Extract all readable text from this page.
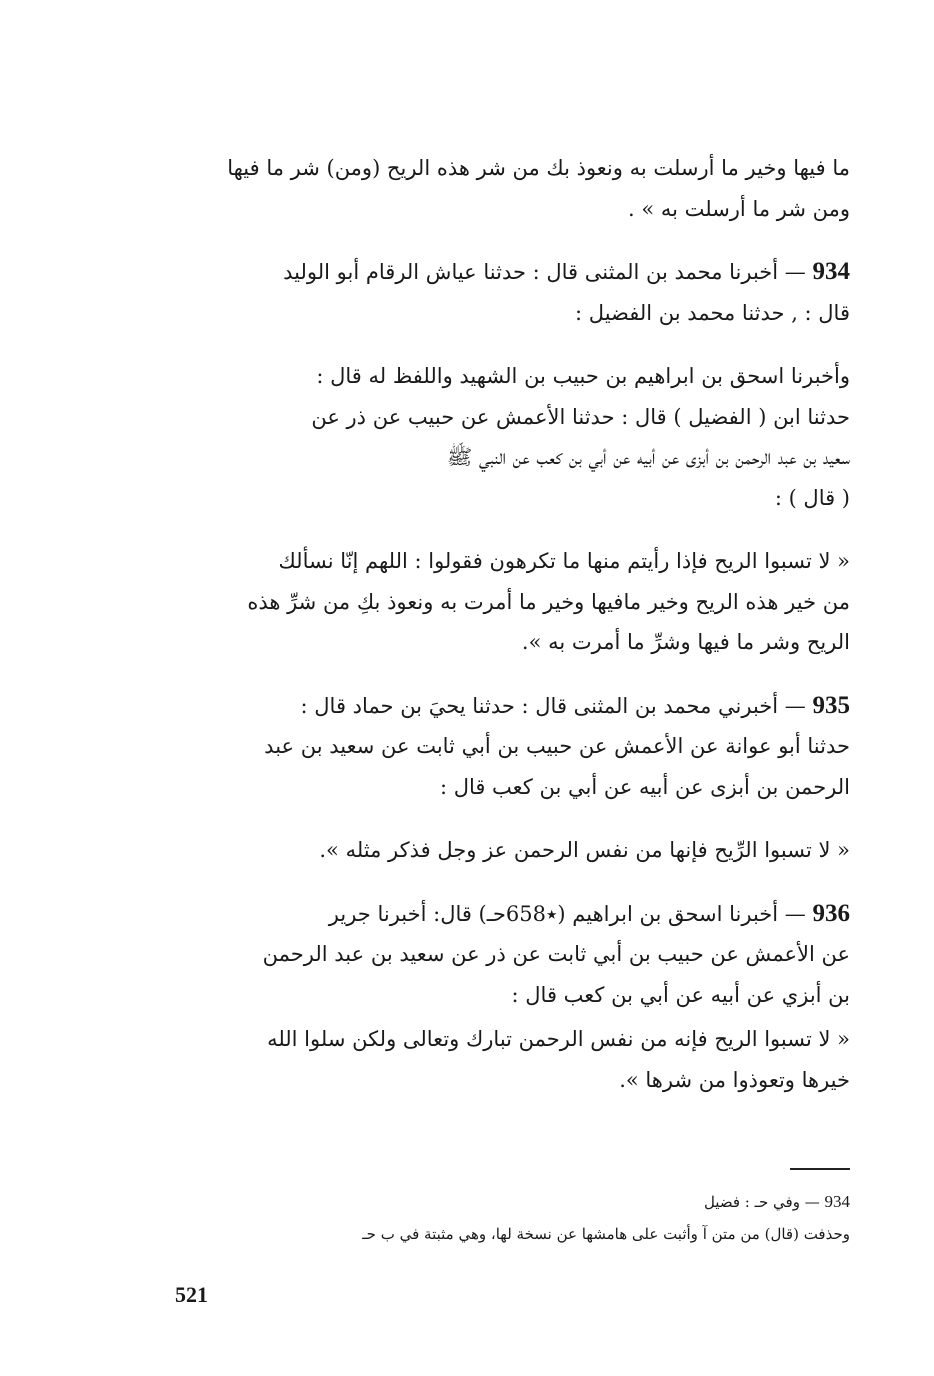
ما فيها وخير ما أرسلت به ونعوذ بك من شر هذه الريح (ومن) شر ما فيها

ومن شر ما أرسلت به » .

934 — أخبرنا محمد بن المثنى قال : حدثنا عياش الرقام أبو الوليد

قال : , حدثنا محمد بن الفضيل :

وأخبرنا اسحق بن ابراهيم بن حبيب بن الشهيد واللفظ له قال :

حدثنا ابن ( الفضيل ) قال : حدثنا الأعمش عن حبيب عن ذر عن

سعيد بن عبد الرحمن بن أبزى عن أبيه عن أبي بن كعب عن النبي ﷺ

( قال ) :

« لا تسبوا الريح فإذا رأيتم منها ما تكرهون فقولوا : اللهم إنّا نسألك

من خير هذه الريح وخير مافيها وخير ما أمرت به ونعوذ بكِ من شرِّ هذه

الريح وشر ما فيها وشرِّ ما أمرت به ».

935 — أخبرني محمد بن المثنى قال : حدثنا يحيَ بن حماد قال :

حدثنا أبو عوانة عن الأعمش عن حبيب بن أبي ثابت عن سعيد بن عبد

الرحمن بن أبزى عن أبيه عن أبي بن كعب قال :

« لا تسبوا الرِّيح فإنها من نفس الرحمن عز وجل فذكر مثله ».

936 — أخبرنا اسحق بن ابراهيم (٭658حـ) قال: أخبرنا جرير

عن الأعمش عن حبيب بن أبي ثابت عن ذر عن سعيد بن عبد الرحمن

بن أبزي عن أبيه عن أبي بن كعب قال :

« لا تسبوا الريح فإنه من نفس الرحمن تبارك وتعالى ولكن سلوا الله

خيرها وتعوذوا من شرها ».

934 — وفي حـ : فضيل

وحذفت (قال) من متن آ وأثبت على هامشها عن نسخة لها، وهي مثبتة في ب حـ

521
